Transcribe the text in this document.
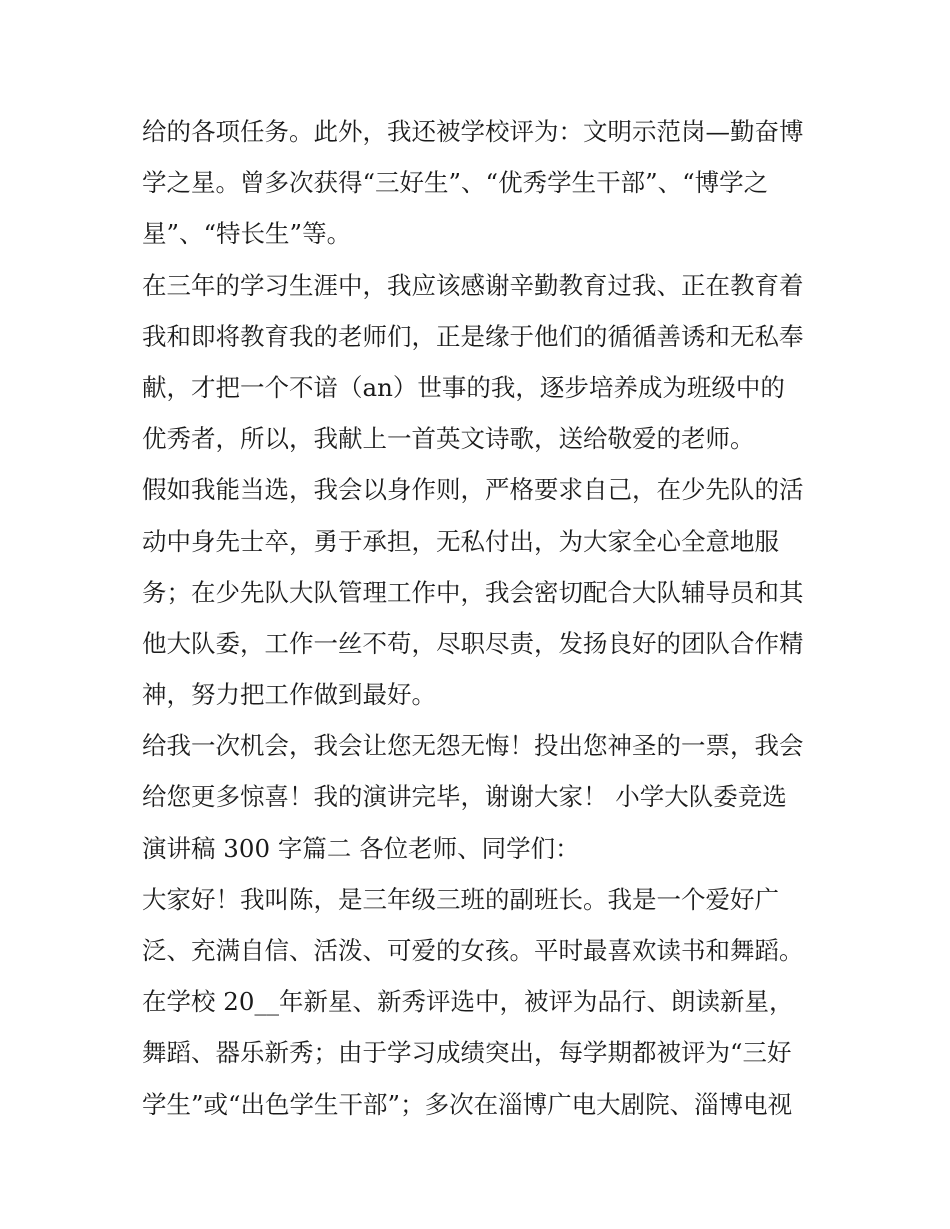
给的各项任务。此外，我还被学校评为：文明示范岗—勤奋博
学之星。曾多次获得“三好生”、“优秀学生干部”、“博学之
星”、“特长生”等。
在三年的学习生涯中，我应该感谢辛勤教育过我、正在教育着
我和即将教育我的老师们，正是缘于他们的循循善诱和无私奉
献，才把一个不谙（an）世事的我，逐步培养成为班级中的
优秀者，所以，我献上一首英文诗歌，送给敬爱的老师。
假如我能当选，我会以身作则，严格要求自己，在少先队的活
动中身先士卒，勇于承担，无私付出，为大家全心全意地服
务；在少先队大队管理工作中，我会密切配合大队辅导员和其
他大队委，工作一丝不苟，尽职尽责，发扬良好的团队合作精
神，努力把工作做到最好。
给我一次机会，我会让您无怨无悔！投出您神圣的一票，我会
给您更多惊喜！我的演讲完毕，谢谢大家！ 小学大队委竞选
演讲稿 300 字篇二 各位老师、同学们：
大家好！我叫陈，是三年级三班的副班长。我是一个爱好广
泛、充满自信、活泼、可爱的女孩。平时最喜欢读书和舞蹈。
在学校 20__年新星、新秀评选中，被评为品行、朗读新星，
舞蹈、器乐新秀；由于学习成绩突出，每学期都被评为“三好
学生”或“出色学生干部”；多次在淄博广电大剧院、淄博电视
